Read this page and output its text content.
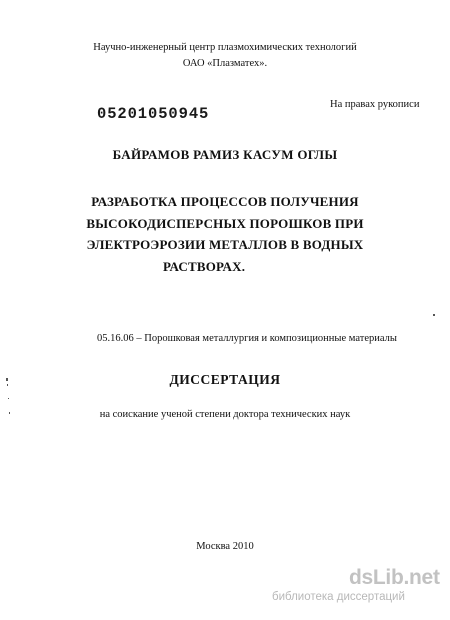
Научно-инженерный центр плазмохимических технологий
ОАО «Плазматех».
05201050945
На правах рукописи
БАЙРАМОВ РАМИЗ КАСУМ ОГЛЫ
РАЗРАБОТКА ПРОЦЕССОВ ПОЛУЧЕНИЯ
ВЫСОКОДИСПЕРСНЫХ ПОРОШКОВ ПРИ
ЭЛЕКТРОЭРОЗИИ МЕТАЛЛОВ В ВОДНЫХ
РАСТВОРАХ.
05.16.06 – Порошковая металлургия и композиционные материалы
ДИССЕРТАЦИЯ
на соискание ученой степени доктора технических наук
Москва 2010
dsLib.net
библиотека диссертаций
